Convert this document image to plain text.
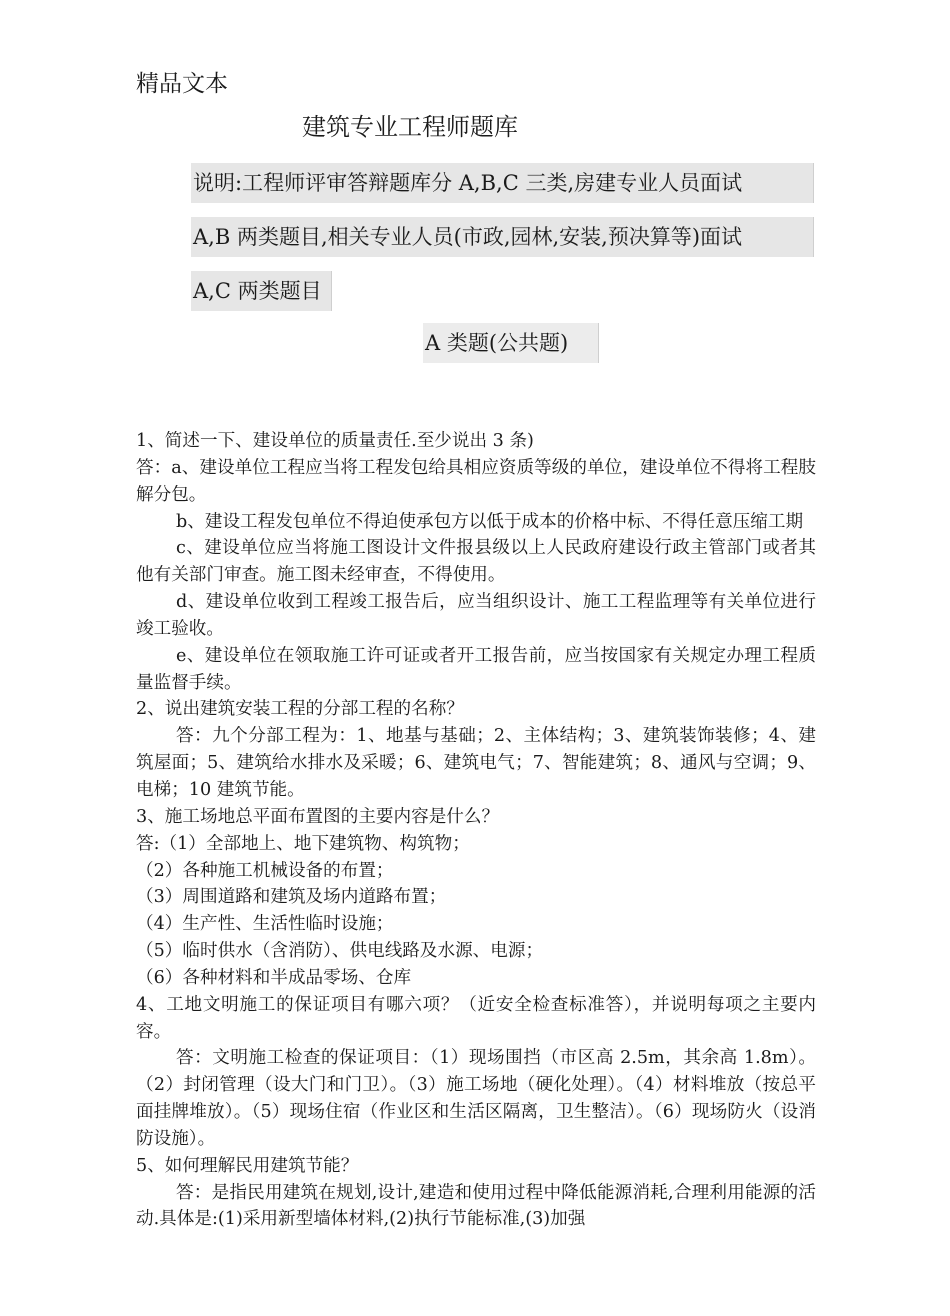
精品文本
建筑专业工程师题库
说明:工程师评审答辩题库分 A,B,C 三类,房建专业人员面试
A,B 两类题目,相关专业人员(市政,园林,安装,预决算等)面试
A,C 两类题目
A 类题(公共题)

1、简述一下、建设单位的质量责任.至少说出 3 条)

答：a、建设单位工程应当将工程发包给具相应资质等级的单位，建设单位不得将工程肢解分包。

b、建设工程发包单位不得迫使承包方以低于成本的价格中标、不得任意压缩工期

c、建设单位应当将施工图设计文件报县级以上人民政府建设行政主管部门或者其他有关部门审查。施工图未经审查，不得使用。

d、建设单位收到工程竣工报告后，应当组织设计、施工工程监理等有关单位进行竣工验收。

e、建设单位在领取施工许可证或者开工报告前，应当按国家有关规定办理工程质量监督手续。

2、说出建筑安装工程的分部工程的名称？

答：九个分部工程为：1、地基与基础；2、主体结构；3、建筑装饰装修；4、建筑屋面；5、建筑给水排水及采暖；6、建筑电气；7、智能建筑；8、通风与空调；9、电梯；10 建筑节能。

3、施工场地总平面布置图的主要内容是什么？

答:（1）全部地上、地下建筑物、构筑物；

（2）各种施工机械设备的布置；

（3）周围道路和建筑及场内道路布置；

（4）生产性、生活性临时设施；

（5）临时供水（含消防）、供电线路及水源、电源；

（6）各种材料和半成品零场、仓库

4、工地文明施工的保证项目有哪六项？（近安全检查标准答），并说明每项之主要内容。

答：文明施工检查的保证项目：（1）现场围挡（市区高 2.5m，其余高 1.8m）。（2）封闭管理（设大门和门卫）。（3）施工场地（硬化处理）。（4）材料堆放（按总平面挂牌堆放）。（5）现场住宿（作业区和生活区隔离，卫生整洁）。（6）现场防火（设消防设施）。

5、如何理解民用建筑节能？

答：是指民用建筑在规划,设计,建造和使用过程中降低能源消耗,合理利用能源的活动.具体是:(1)采用新型墙体材料,(2)执行节能标准,(3)加强
